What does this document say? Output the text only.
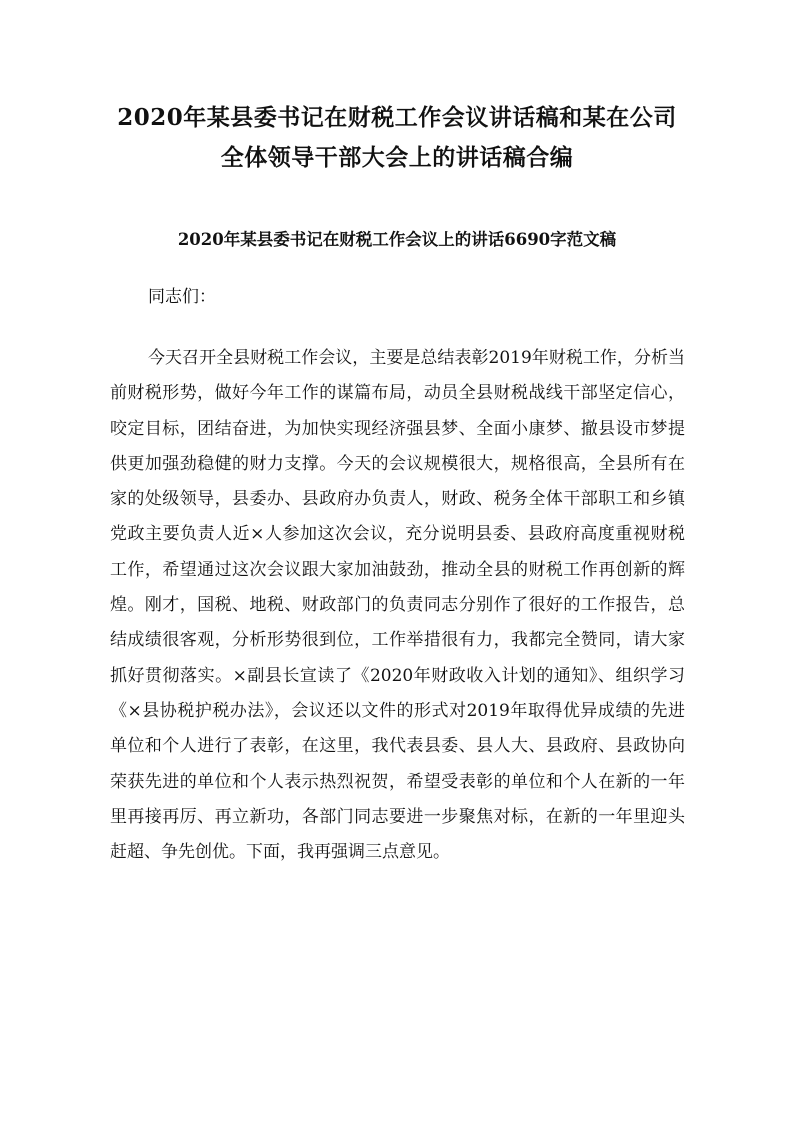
2020年某县委书记在财税工作会议讲话稿和某在公司全体领导干部大会上的讲话稿合编
2020年某县委书记在财税工作会议上的讲话6690字范文稿
同志们：

今天召开全县财税工作会议，主要是总结表彰2019年财税工作，分析当前财税形势，做好今年工作的谋篇布局，动员全县财税战线干部坚定信心，咬定目标，团结奋进，为加快实现经济强县梦、全面小康梦、撤县设市梦提供更加强劲稳健的财力支撑。今天的会议规模很大，规格很高，全县所有在家的处级领导，县委办、县政府办负责人，财政、税务全体干部职工和乡镇党政主要负责人近×人参加这次会议，充分说明县委、县政府高度重视财税工作，希望通过这次会议跟大家加油鼓劲，推动全县的财税工作再创新的辉煌。刚才，国税、地税、财政部门的负责同志分别作了很好的工作报告，总结成绩很客观，分析形势很到位，工作举措很有力，我都完全赞同，请大家抓好贯彻落实。×副县长宣读了《2020年财政收入计划的通知》、组织学习《×县协税护税办法》，会议还以文件的形式对2019年取得优异成绩的先进单位和个人进行了表彰，在这里，我代表县委、县人大、县政府、县政协向荣获先进的单位和个人表示热烈祝贺，希望受表彰的单位和个人在新的一年里再接再厉、再立新功，各部门同志要进一步聚焦对标，在新的一年里迎头赶超、争先创优。下面，我再强调三点意见。
